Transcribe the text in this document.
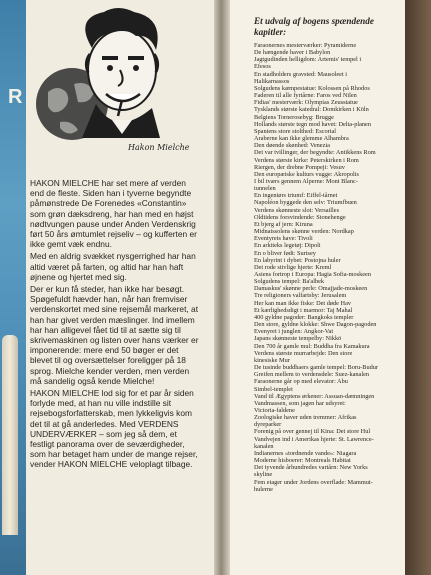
R
Hakon Mielche

HAKON MIELCHE har set mere af verden end de fleste. Siden han i tyverne begyndte påmønstrede De Forenedes «Constantin» som grøn dæksdreng, har han med en højst nødtvungen pause under Anden Verdenskrig ført 50 års ømtumlet rejseliv – og kufferten er ikke gemt væk endnu.

Med en aldrig svækket nysgerrighed har han altid været på farten, og altid har han haft øjnene og hjertet med sig.

Der er kun få steder, han ikke har besøgt. Spøgefuldt hævder han, når han fremviser verdenskortet med sine rejsemål markeret, at han har givet verden mæslinger. Ind imellem har han alligevel fået tid til at sætte sig til skrivemaskinen og listen over hans værker er imponerende: mere end 50 bøger er det blevet til og oversættelser foreligger på 18 sprog. Mielche kender verden, men verden må sandelig også kende Mielche!

HAKON MIELCHE lod sig for et par år siden forlyde med, at han nu ville indstille sit rejsebogsforfatterskab, men lykkeligvis kom det til at gå anderledes. Med VERDENS UNDERVÆRKER – som jeg så dem, et festligt panorama over de seværdigheder, som har betaget ham under de mange rejser, vender HAKON MIELCHE veloplagt tilbage.

Et udvalg af bogens spændende kapitler:
Faraonernes mesterværker: Pyramiderne
De hængende haver i Babylon
Jagtgudinden helligdom: Artemis' tempel i
Efesos
En stadholders gravsted: Mausoleet i
Halikarnassos
Solgudens kæmpestatue: Kolossen på Rhodos
Faderen til alle fyrtårne: Faros ved Nilen
Fidias' mesterværk: Olympias Zeusstatue
Tysklands største katedral: Domkirken i Köln
Belgiens Tornerosebyg: Brugge
Hollands største tegn mod havet: Delta-planen
Spaniens store stolthed: Escorial
Araberne kan ikke glemme Alhambra
Den døende skønhed: Venezia
Det var tvillinger, der begyndte: Antikkens Rom
Verdens største kirke: Peterskirken i Rom
Riergen, der drebne Pompeji: Vesuv
Den europæiske kulturs vugge: Akropolis
I bil tværs gennem Alperne: Mont Blanc-
tunnelen
En ingeniørs triumf: Eiffel-tårnet
Napoléon byggede den selv: Triumfbuen
Verdens skønneste slot: Versailles
Oldtidens forsvindende: Stonehenge
Et bjerg af jern: Kiruna
Midnatssolens skønne verden: Nordkap
Eventyrets have: Tivoli
En arkiteks legetøj: Dipoli
En o bliver født: Surtsey
En labyrint i dybet: Postojna huler
Det rode stivlige hjerte: Kreml
Asiens fortrop i Europa: Hagia Sofia-moskeen
Solgudens tempel: Ba'albek
Damaskus' skønne perle: Omajjade-moskeen
Tre religioners valfartsby: Jerusalem
Her kan man ikke fiske: Det døde Hav
Et kærlighedsdigt i marmor: Taj Mahal
400 gyldne pagoder: Bangkoks templer
Den store, gyldne klokke: Shwe Dagon-pagoden
Evenyret i junglen: Angkor-Vat
Japans skønneste tempelby: Nikkō
Den 700 år gamle mul: Buddha fra Kamakura
Verdens største murrarbejde: Den store
kinesiske Mur
De tusinde buddhaers gamle tempel: Boru-Budur
Greifen mellem to verdensdele: Suez-kanalen
Faraonerne går op med elevator: Abu
Simbel-templet
Vand til Ægyptens ørkener: Assuan-dæmningen
Vandmassen, som jagen har udsyret:
Victoria-faldene
Zoologiske haver uden tremmer: Afrikas
dyreparker
Forenig på over gennej til Kina: Det store Hul
Vandvejen ind i Amerikas hjerte: St. Lawrence-
kanalen
Indianernes «tordnende vande»: Niagara
Moderne hisboerer: Montreals Habitat
Det tyvende århundredes vartårn: New Yorks
skyline
Fem etager under Jordens overflade: Mammut-
hulerne
